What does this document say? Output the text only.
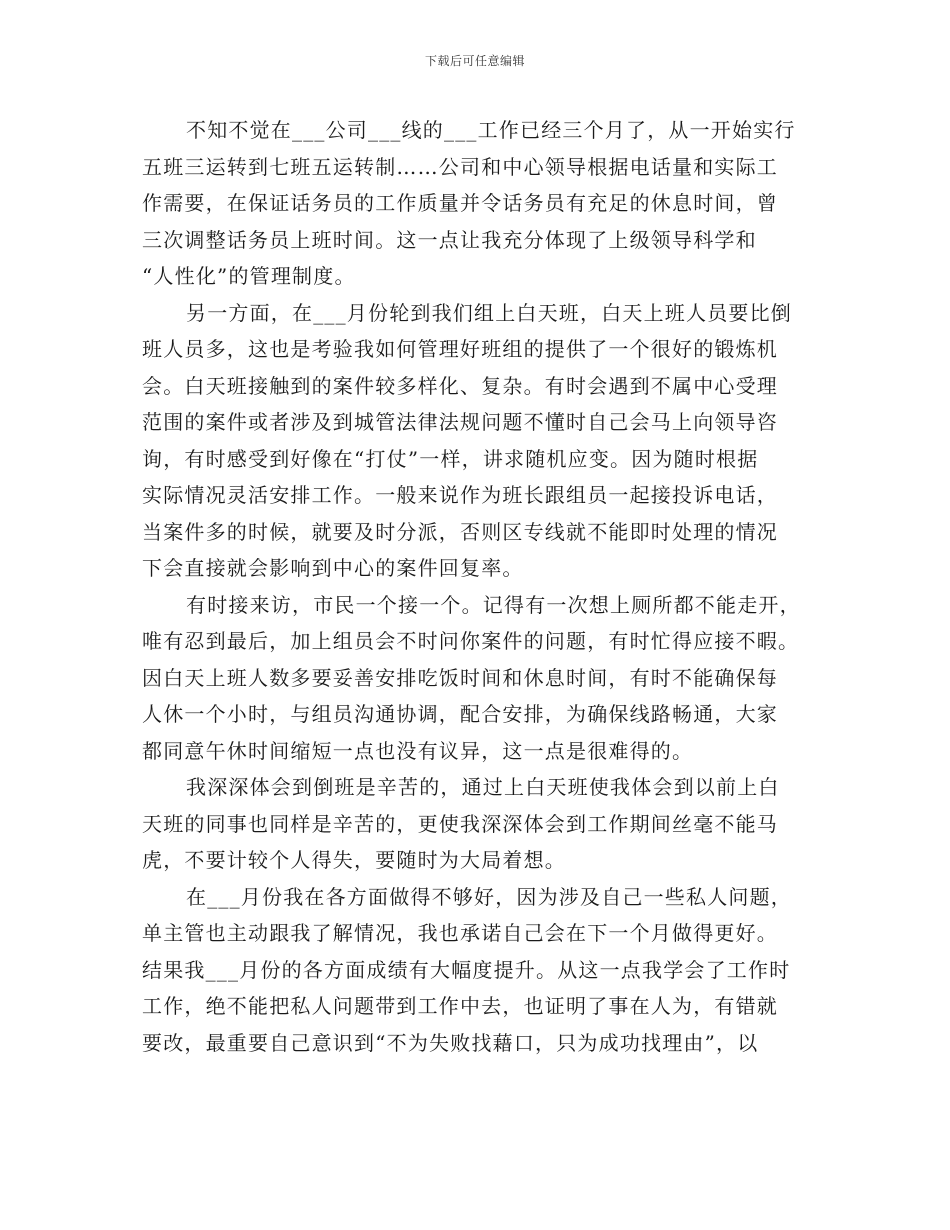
下载后可任意编辑
不知不觉在___公司___线的___工作已经三个月了，从一开始实行
五班三运转到七班五运转制……公司和中心领导根据电话量和实际工
作需要，在保证话务员的工作质量并令话务员有充足的休息时间，曾
三次调整话务员上班时间。这一点让我充分体现了上级领导科学和
“人性化”的管理制度。
另一方面，在___月份轮到我们组上白天班，白天上班人员要比倒
班人员多，这也是考验我如何管理好班组的提供了一个很好的锻炼机
会。白天班接触到的案件较多样化、复杂。有时会遇到不属中心受理
范围的案件或者涉及到城管法律法规问题不懂时自己会马上向领导咨
询，有时感受到好像在“打仗”一样，讲求随机应变。因为随时根据
实际情况灵活安排工作。一般来说作为班长跟组员一起接投诉电话，
当案件多的时候，就要及时分派，否则区专线就不能即时处理的情况
下会直接就会影响到中心的案件回复率。
有时接来访，市民一个接一个。记得有一次想上厕所都不能走开，
唯有忍到最后，加上组员会不时问你案件的问题，有时忙得应接不暇。
因白天上班人数多要妥善安排吃饭时间和休息时间，有时不能确保每
人休一个小时，与组员沟通协调，配合安排，为确保线路畅通，大家
都同意午休时间缩短一点也没有议异，这一点是很难得的。
我深深体会到倒班是辛苦的，通过上白天班使我体会到以前上白
天班的同事也同样是辛苦的，更使我深深体会到工作期间丝毫不能马
虎，不要计较个人得失，要随时为大局着想。
在___月份我在各方面做得不够好，因为涉及自己一些私人问题，
单主管也主动跟我了解情况，我也承诺自己会在下一个月做得更好。
结果我___月份的各方面成绩有大幅度提升。从这一点我学会了工作时
工作，绝不能把私人问题带到工作中去，也证明了事在人为，有错就
要改，最重要自己意识到“不为失败找藉口，只为成功找理由”，以
